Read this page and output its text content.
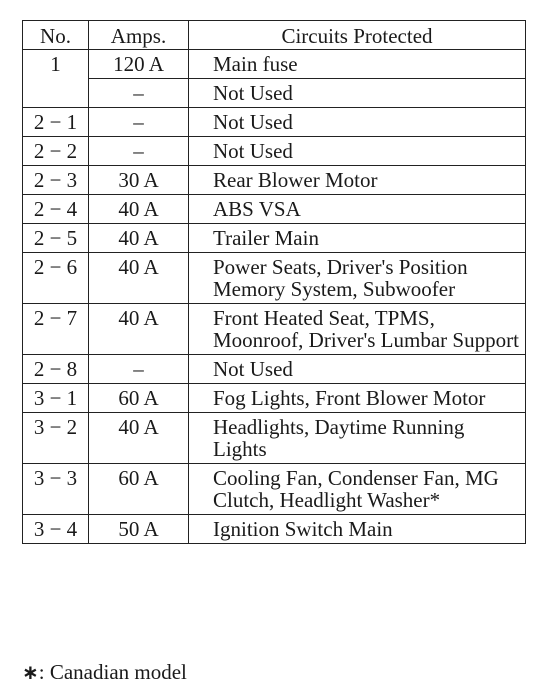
No.	Amps.	Circuits Protected
1	120 A	Main fuse
	–	Not Used
2 − 1	–	Not Used
2 − 2	–	Not Used
2 − 3	30 A	Rear Blower Motor
2 − 4	40 A	ABS VSA
2 − 5	40 A	Trailer Main
2 − 6	40 A	Power Seats, Driver's Position Memory System, Subwoofer
2 − 7	40 A	Front Heated Seat, TPMS, Moonroof, Driver's Lumbar Support
2 − 8	–	Not Used
3 − 1	60 A	Fog Lights, Front Blower Motor
3 − 2	40 A	Headlights, Daytime Running Lights
3 − 3	60 A	Cooling Fan, Condenser Fan, MG Clutch, Headlight Washer*
3 − 4	50 A	Ignition Switch Main
∗: Canadian model
